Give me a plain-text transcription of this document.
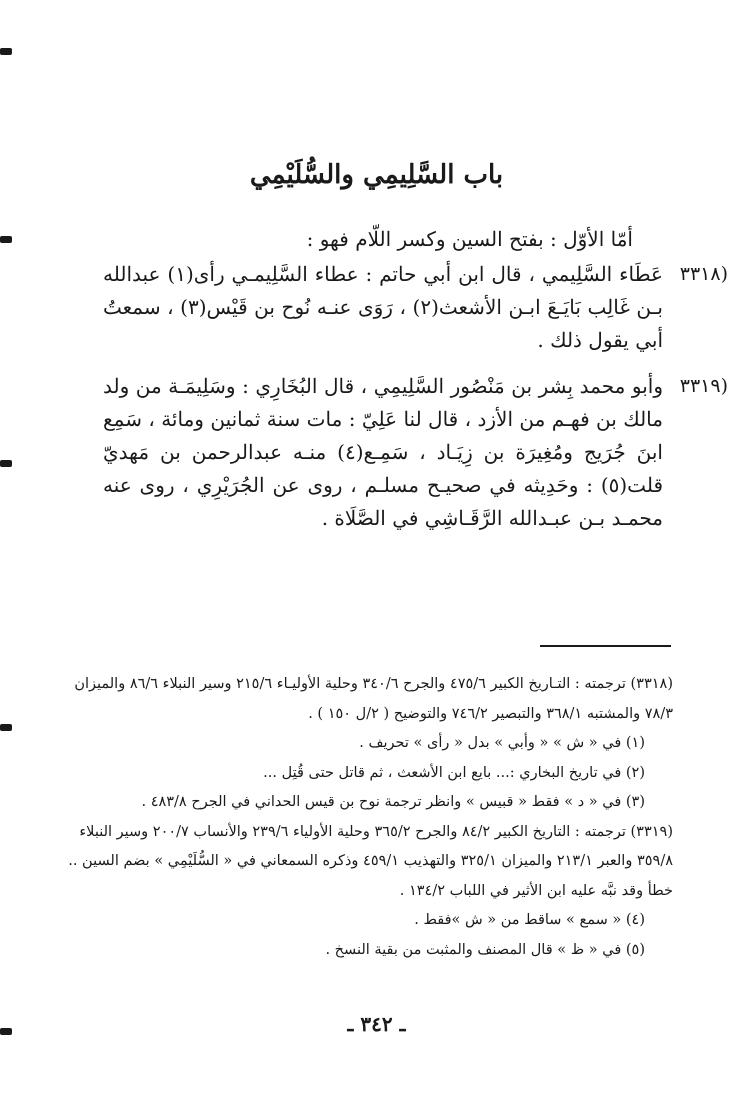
باب السَّلِيمِي والسُّلَيْمِي
أمّا الأوّل : بفتح السين وكسر اللّام فهو :
(٣٣١٨
عَطَاء السَّلِيمي ، قال ابن أبي حاتم : عطاء السَّلِيمـي رأى(١) عبدالله بـن غَالِب بَايَـعَ ابـن الأشعث(٢) ، رَوَى عنـه نُوح بن قَيْس(٣) ، سمعتُ أبي يقول ذلك .
(٣٣١٩
وأبو محمد بِشر بن مَنْصُور السَّلِيمِي ، قال البُخَارِي : وسَلِيمَـة من ولد مالك بن فهـم من الأزد ، قال لنا عَلِيّ : مات سنة ثمانين ومائة ، سَمِع ابنَ جُرَيج ومُغِيرَة بن زِيَـاد ، سَمِـع(٤) منـه عبدالرحمن بن مَهديّ قلت(٥) : وحَدِيثه في صحيـح مسلـم ، روى عن الجُرَيْرِي ، روى عنه محمـد بـن عبـدالله الرَّقَـاشِي في الصَّلَاة .
(٣٣١٨) ترجمته : التـاريخ الكبير ٤٧٥/٦ والجرح ٣٤٠/٦ وحلية الأوليـاء ٢١٥/٦ وسير النبلاء ٨٦/٦ والميزان ٧٨/٣ والمشتبه ٣٦٨/١ والتبصير ٧٤٦/٢ والتوضيح ( ٢/ل ١٥٠ ) .
(١) في « ش » « وأبي » بدل « رأى » تحريف .
(٢) في تاريخ البخاري :... بايع ابن الأشعث ، ثم قاتل حتى قُتِل ...
(٣) في « د » فقط « قبيس » وانظر ترجمة نوح بن قيس الحداني في الجرح ٤٨٣/٨ .
(٣٣١٩) ترجمته : التاريخ الكبير ٨٤/٢ والجرح ٣٦٥/٢ وحلية الأولياء ٢٣٩/٦ والأنساب ٢٠٠/٧ وسير النبلاء ٣٥٩/٨ والعبر ٢١٣/١ والميزان ٣٢٥/١ والتهذيب ٤٥٩/١ وذكره السمعاني في « السُّلَيْمِي » بضم السين .. خطأ وقد نبَّه عليه ابن الأثير في اللباب ١٣٤/٢ .
(٤) « سمع » ساقط من « ش »فقط .
(٥) في « ظ » قال المصنف والمثبت من بقية النسخ .
ـ ٣٤٢ ـ
